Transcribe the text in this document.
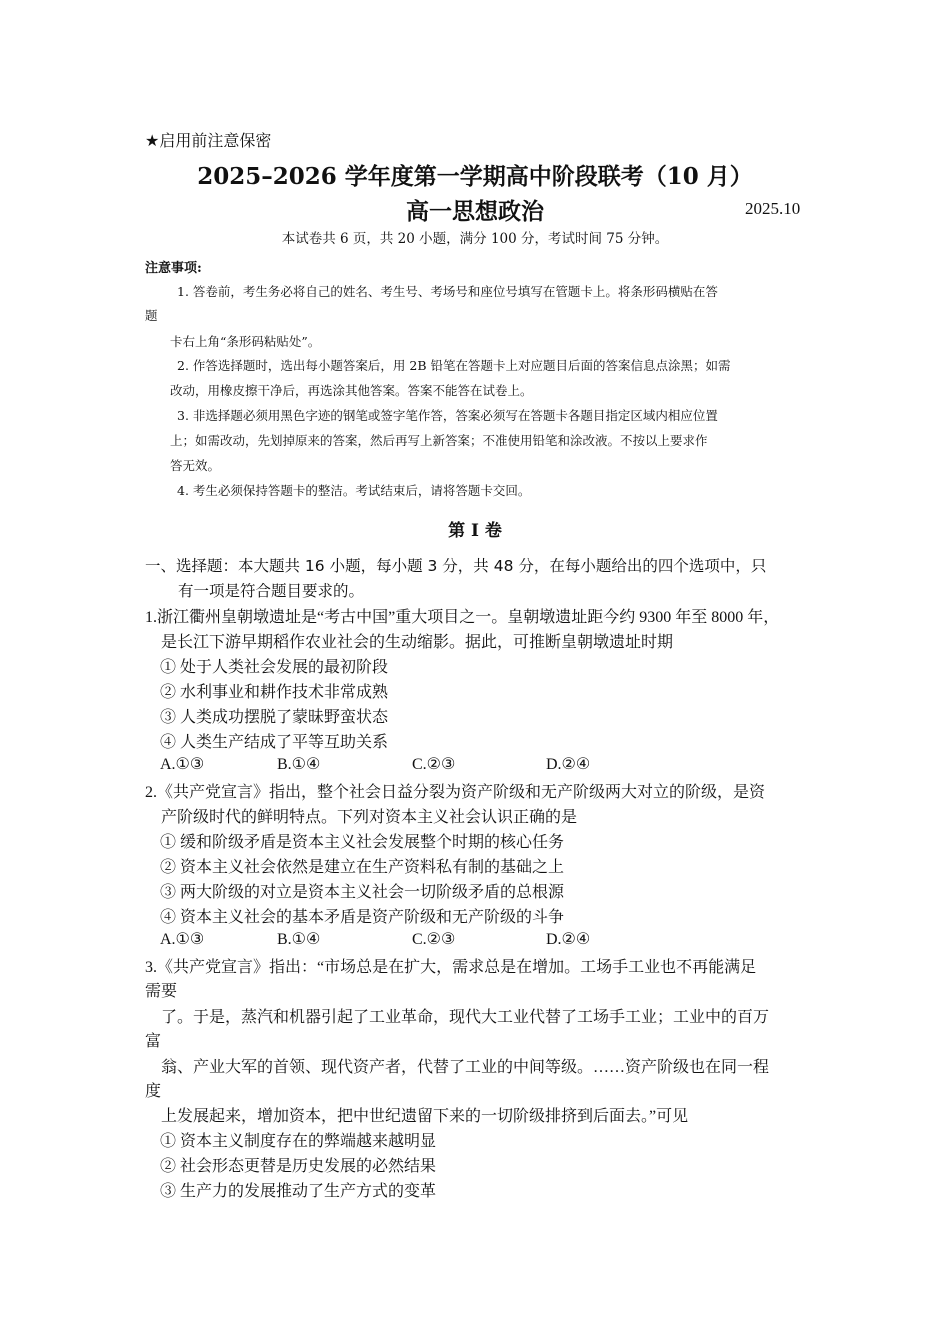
★启用前注意保密
2025–2026 学年度第一学期高中阶段联考（10 月）
高一思想政治	2025.10
本试卷共 6 页，共 20 小题，满分 100 分，考试时间 75 分钟。
注意事项:
1. 答卷前，考生务必将自己的姓名、考生号、考场号和座位号填写在管题卡上。将条形码横贴在答
题
卡右上角“条形码粘贴处”。
2. 作答选择题时，选出每小题答案后，用 2B 铅笔在答题卡上对应题目后面的答案信息点涂黑；如需
改动，用橡皮擦干净后，再选涂其他答案。答案不能答在试卷上。
3. 非选择题必须用黑色字迹的钢笔或签字笔作答，答案必须写在答题卡各题目指定区域内相应位置
上；如需改动，先划掉原来的答案，然后再写上新答案；不准使用铅笔和涂改液。不按以上要求作
答无效。
4. 考生必须保持答题卡的整洁。考试结束后，请将答题卡交回。
第 I 卷
一、选择题：本大题共 16 小题，每小题 3 分，共 48 分，在每小题给出的四个选项中，只
有一项是符合题目要求的。
1.浙江衢州皇朝墩遗址是“考古中国”重大项目之一。皇朝墩遗址距今约 9300 年至 8000 年，
是长江下游早期稻作农业社会的生动缩影。据此，可推断皇朝墩遗址时期
① 处于人类社会发展的最初阶段
② 水利事业和耕作技术非常成熟
③ 人类成功摆脱了蒙昧野蛮状态
④ 人类生产结成了平等互助关系
A.①③	B.①④	C.②③	D.②④
2.《共产党宣言》指出，整个社会日益分裂为资产阶级和无产阶级两大对立的阶级，是资
产阶级时代的鲜明特点。下列对资本主义社会认识正确的是
① 缓和阶级矛盾是资本主义社会发展整个时期的核心任务
② 资本主义社会依然是建立在生产资料私有制的基础之上
③ 两大阶级的对立是资本主义社会一切阶级矛盾的总根源
④ 资本主义社会的基本矛盾是资产阶级和无产阶级的斗争
A.①③	B.①④	C.②③	D.②④
3.《共产党宣言》指出：“市场总是在扩大，需求总是在增加。工场手工业也不再能满足
需要
了。于是，蒸汽和机器引起了工业革命，现代大工业代替了工场手工业；工业中的百万
富
翁、产业大军的首领、现代资产者，代替了工业的中间等级。……资产阶级也在同一程
度
上发展起来，增加资本，把中世纪遗留下来的一切阶级排挤到后面去。”可见
① 资本主义制度存在的弊端越来越明显
② 社会形态更替是历史发展的必然结果
③ 生产力的发展推动了生产方式的变革
